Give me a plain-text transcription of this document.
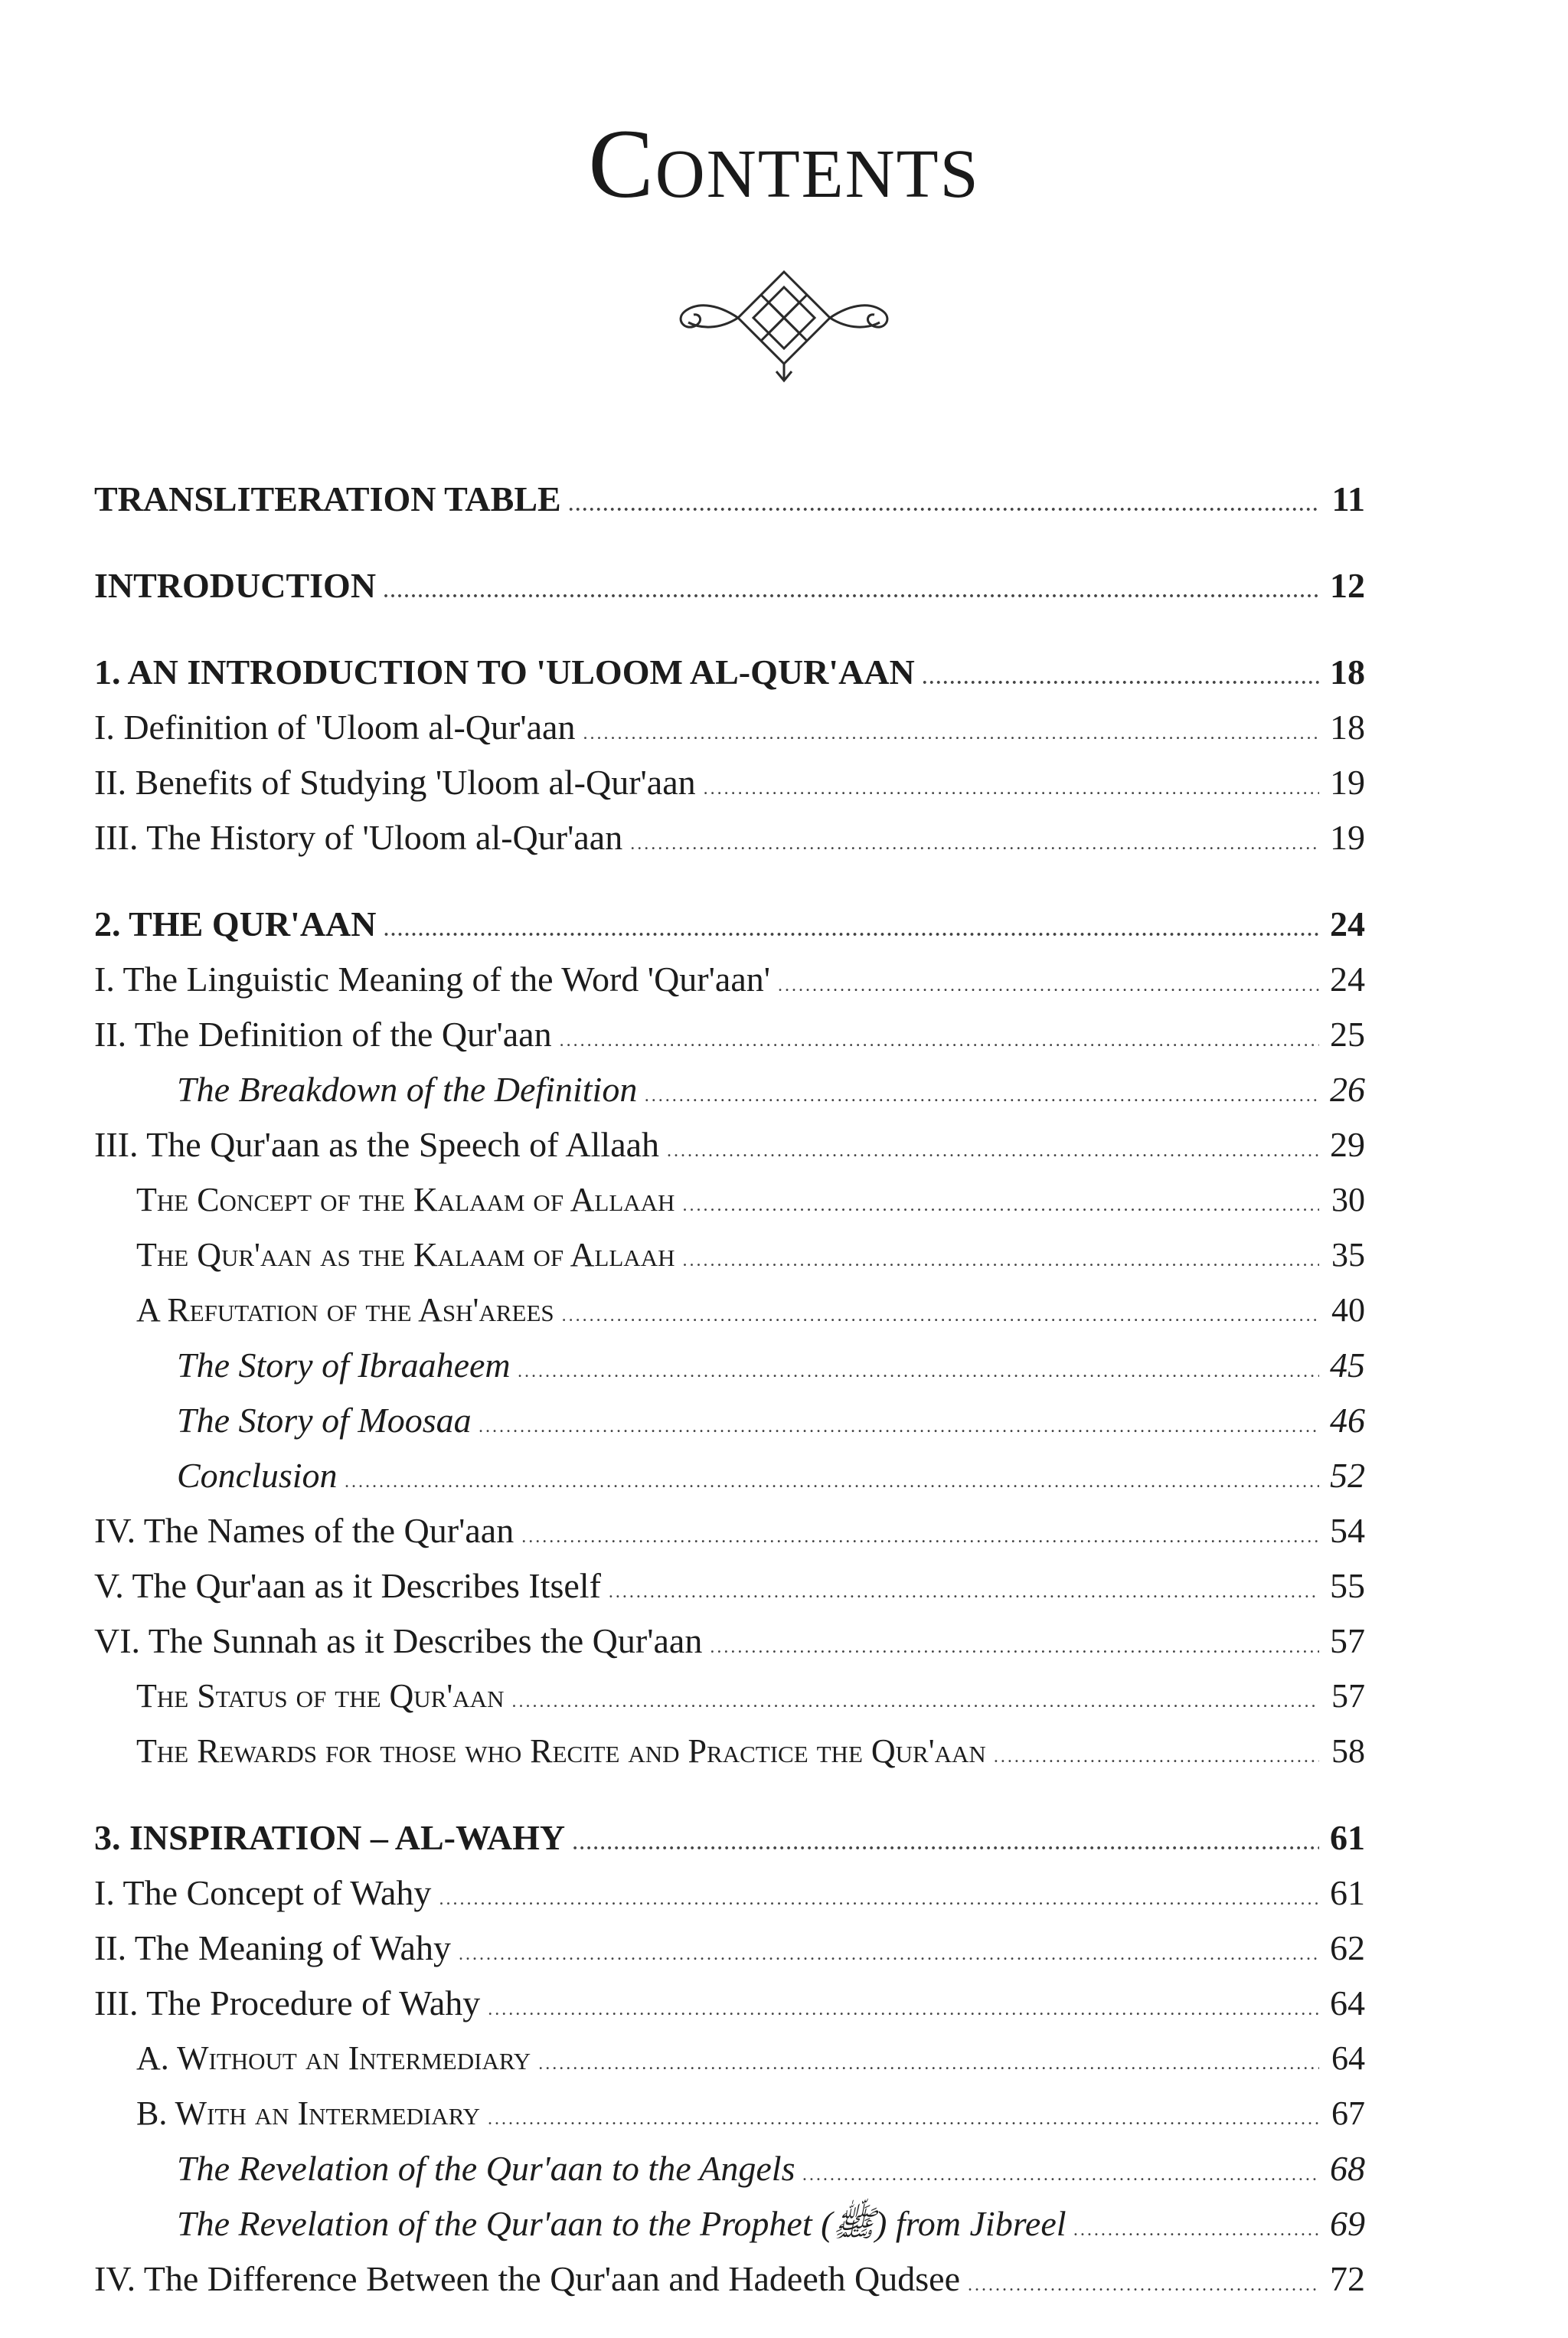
Contents
TRANSLITERATION TABLE .....	11
INTRODUCTION .....	12
1. AN INTRODUCTION TO 'ULOOM AL-QUR'AAN .....	18
I. Definition of 'Uloom al-Qur'aan .....	18
II. Benefits of Studying 'Uloom al-Qur'aan .....	19
III. The History of 'Uloom al-Qur'aan .....	19
2. THE QUR'AAN .....	24
I. The Linguistic Meaning of the Word 'Qur'aan' .....	24
II. The Definition of the Qur'aan .....	25
The Breakdown of the Definition .....	26
III. The Qur'aan as the Speech of Allaah .....	29
The Concept of the Kalaam of Allaah .....	30
The Qur'aan as the Kalaam of Allaah .....	35
A Refutation of the Ash'arees .....	40
The Story of Ibraaheem .....	45
The Story of Moosaa .....	46
Conclusion .....	52
IV. The Names of the Qur'aan .....	54
V. The Qur'aan as it Describes Itself .....	55
VI. The Sunnah as it Describes the Qur'aan .....	57
The Status of the Qur'aan .....	57
The Rewards for those who Recite and Practice the Qur'aan .....	58
3. INSPIRATION – AL-WAHY .....	61
I. The Concept of Wahy .....	61
II. The Meaning of Wahy .....	62
III. The Procedure of Wahy .....	64
A. Without an Intermediary .....	64
B. With an Intermediary .....	67
The Revelation of the Qur'aan to the Angels .....	68
The Revelation of the Qur'aan to the Prophet (ﷺ) from Jibreel .....	69
IV. The Difference Between the Qur'aan and Hadeeth Qudsee .....	72
